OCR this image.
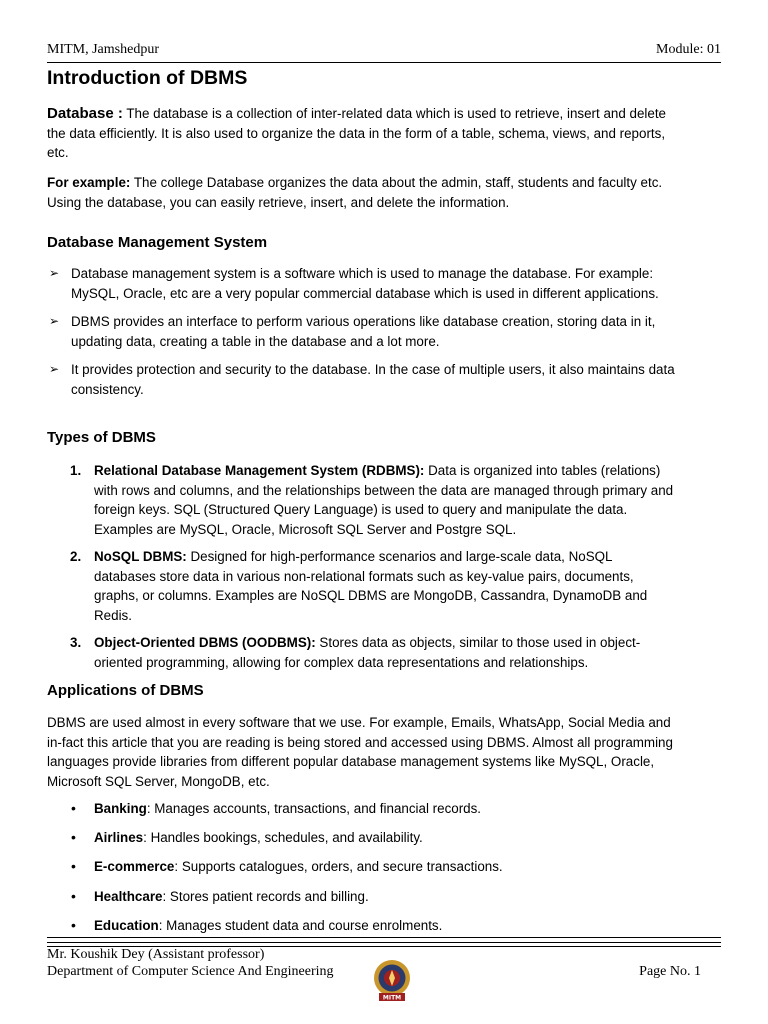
MITM, Jamshedpur	Module: 01
Introduction of DBMS

Database : The database is a collection of inter-related data which is used to retrieve, insert and delete the data efficiently. It is also used to organize the data in the form of a table, schema, views, and reports, etc.

For example: The college Database organizes the data about the admin, staff, students and faculty etc. Using the database, you can easily retrieve, insert, and delete the information.

Database Management System
➢ Database management system is a software which is used to manage the database. For example: MySQL, Oracle, etc are a very popular commercial database which is used in different applications.
➢ DBMS provides an interface to perform various operations like database creation, storing data in it, updating data, creating a table in the database and a lot more.
➢ It provides protection and security to the database. In the case of multiple users, it also maintains data consistency.
Types of DBMS
1. Relational Database Management System (RDBMS): Data is organized into tables (relations) with rows and columns, and the relationships between the data are managed through primary and foreign keys. SQL (Structured Query Language) is used to query and manipulate the data. Examples are MySQL, Oracle, Microsoft SQL Server and Postgre SQL.
2. NoSQL DBMS: Designed for high-performance scenarios and large-scale data, NoSQL databases store data in various non-relational formats such as key-value pairs, documents, graphs, or columns. Examples are NoSQL DBMS are MongoDB, Cassandra, DynamoDB and Redis.
3. Object-Oriented DBMS (OODBMS): Stores data as objects, similar to those used in object-oriented programming, allowing for complex data representations and relationships.
Applications of DBMS

DBMS are used almost in every software that we use. For example, Emails, WhatsApp, Social Media and in-fact this article that you are reading is being stored and accessed using DBMS. Almost all programming languages provide libraries from different popular database management systems like MySQL, Oracle, Microsoft SQL Server, MongoDB, etc.

• Banking: Manages accounts, transactions, and financial records.
• Airlines: Handles bookings, schedules, and availability.
• E-commerce: Supports catalogues, orders, and secure transactions.
• Healthcare: Stores patient records and billing.
• Education: Manages student data and course enrolments.
Mr. Koushik Dey (Assistant professor)
Department of Computer Science And Engineering	Page No. 1
MITM
